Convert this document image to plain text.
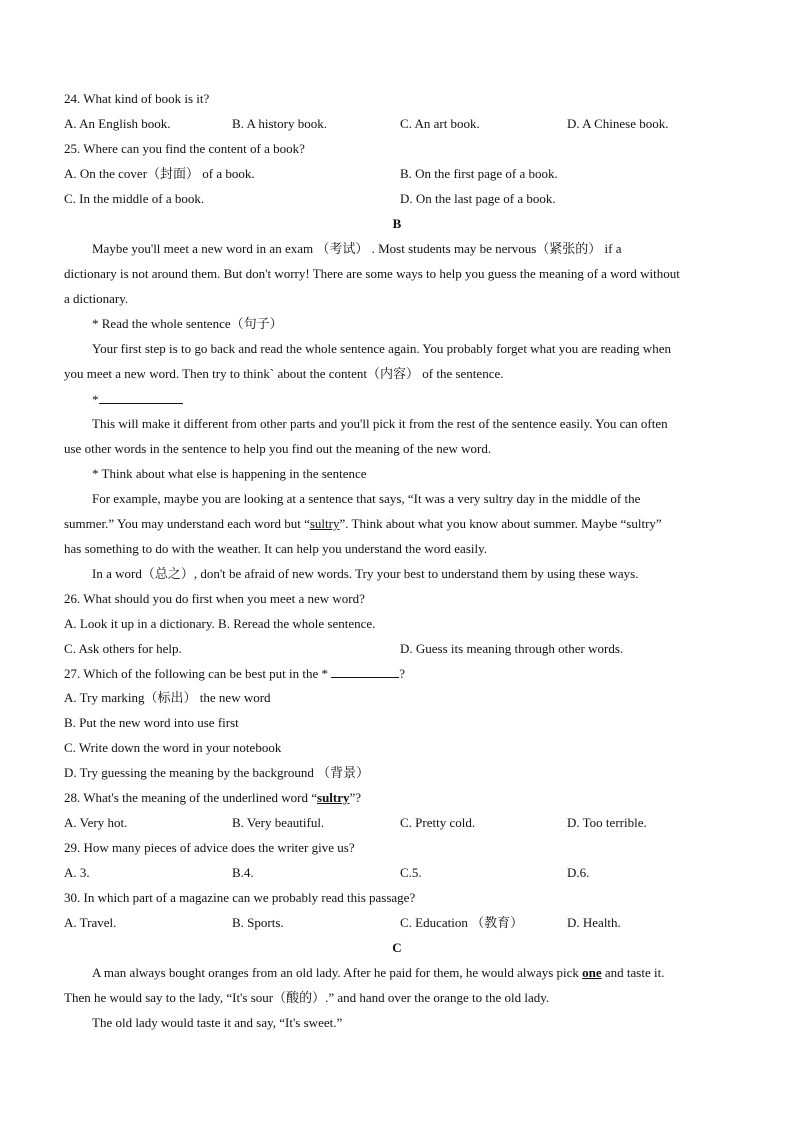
24. What kind of book is it?
A. An English book.	B. A history book.	C. An art book.	D. A Chinese book.
25. Where can you find the content of a book?
A. On the cover（封面） of a book.	B. On the first page of a book.
C. In the middle of a book.	D. On the last page of a book.
B
Maybe you'll meet a new word in an exam （考试） . Most students may be nervous（紧张的） if a
dictionary is not around them. But don't worry! There are some ways to help you guess the meaning of a word without
a dictionary.
* Read the whole sentence（句子）
Your first step is to go back and read the whole sentence again. You probably forget what you are reading when
you meet a new word. Then try to think` about the content（内容） of the sentence.
*
This will make it different from other parts and you'll pick it from the rest of the sentence easily. You can often
use other words in the sentence to help you find out the meaning of the new word.
* Think about what else is happening in the sentence
For example, maybe you are looking at a sentence that says, “It was a very sultry day in the middle of the
summer.” You may understand each word but “sultry”. Think about what you know about summer. Maybe “sultry”
has something to do with the weather. It can help you understand the word easily.
In a word（总之）, don't be afraid of new words. Try your best to understand them by using these ways.
26. What should you do first when you meet a new word?
A. Look it up in a dictionary. B. Reread the whole sentence.
C. Ask others for help.	D. Guess its meaning through other words.
27. Which of the following can be best put in the *	?
A. Try marking（标出） the new word
B. Put the new word into use first
C. Write down the word in your notebook
D. Try guessing the meaning by the background （背景）
28. What's the meaning of the underlined word “sultry”?
A. Very hot.	B. Very beautiful.	C. Pretty cold.	D. Too terrible.
29. How many pieces of advice does the writer give us?
A. 3.	B.4.	C.5.	D.6.
30. In which part of a magazine can we probably read this passage?
A. Travel.	B. Sports.	C. Education （教育）	D. Health.
C
A man always bought oranges from an old lady. After he paid for them, he would always pick one and taste it.
Then he would say to the lady, “It's sour（酸的）.” and hand over the orange to the old lady.
The old lady would taste it and say, “It's sweet.”
